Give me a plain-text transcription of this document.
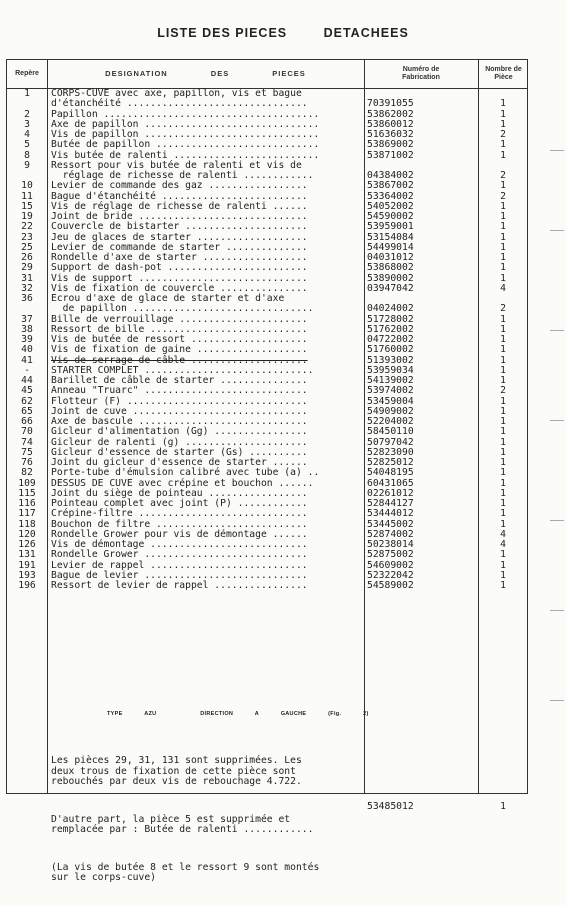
LISTE DES PIECES	DETACHEES
Repère	DESIGNATION DES PIECES	Numéro de Fabrication
Nombre de Pièce
1	CORPS-CUVE avec axe, papillon, vis et bague
d'étanchéité ...............................	70391055	1
2	Papillon .....................................	53862002	1
3	Axe de papillon ..............................	53860012	1
4	Vis de papillon ..............................	51636032	2
5	Butée de papillon ............................	53869002	1
8	Vis butée de ralenti .........................	53871002	1
9	Ressort pour vis butée de ralenti et vis de
réglage de richesse de ralenti ............	04384002	2
10	Levier de commande des gaz .................	53867002	1
11	Bague d'étanchéité .........................	53364002	2
15	Vis de réglage de richesse de ralenti ......	54052002	1
19	Joint de bride .............................	54590002	1
22	Couvercle de bistarter .....................	53959001	1
23	Jeu de glaces de starter ...................	53154084	1
25	Levier de commande de starter ..............	54499014	1
26	Rondelle d'axe de starter ..................	04031012	1
29	Support de dash-pot ........................	53868002	1
31	Vis de support .............................	53890002	1
32	Vis de fixation de couvercle ...............	03947042	4
36	Ecrou d'axe de glace de starter et d'axe
de papillon ...............................	04024002	2
37	Bille de verrouillage ......................	51728002	1
38	Ressort de bille ...........................	51762002	1
39	Vis de butée de ressort ....................	04722002	1
40	Vis de fixation de gaine ...................	51760002	1
41	Vis de serrage de câble ....................	51393002	1
-	STARTER COMPLET .............................	53959034	1
44	Barillet de câble de starter ...............	54139002	1
45	Anneau "Truarc" ............................	53974002	2
62	Flotteur (F) ...............................	53459004	1
65	Joint de cuve ..............................	54909002	1
66	Axe de bascule .............................	52204002	1
70	Gicleur d'alimentation (Gg) ................	58450110	1
74	Gicleur de ralenti (g) .....................	50797042	1
75	Gicleur d'essence de starter (Gs) ..........	52823090	1
76	Joint du gicleur d'essence de starter ......	52825012	1
82	Porte-tube d'émulsion calibré avec tube (a) ..	54048195	1
109	DESSUS DE CUVE avec crépine et bouchon ......	60431065	1
115	Joint du siège de pointeau .................	02261012	1
116	Pointeau complet avec joint (P) ............	52844127	1
117	Crépine-filtre .............................	53444012	1
118	Bouchon de filtre ..........................	53445002	1
120	Rondelle Grower pour vis de démontage ......	52874002	4
126	Vis de démontage ...........................	50238014	4
131	Rondelle Grower ............................	52875002	1
191	Levier de rappel ...........................	54609002	1
193	Bague de levier ............................	52322042	1
196	Ressort de levier de rappel ................	54589002	1
TYPE AZU	DIRECTION A GAUCHE (Fig. 2)

Les pièces 29, 31, 131 sont supprimées. Les
deux trous de fixation de cette pièce sont
rebouchés par deux vis de rebouchage 4.722.

D'autre part, la pièce 5 est supprimée et
remplacée par : Butée de ralenti ............

(La vis de butée 8 et le ressort 9 sont montés
sur le corps-cuve)

53485012	1
